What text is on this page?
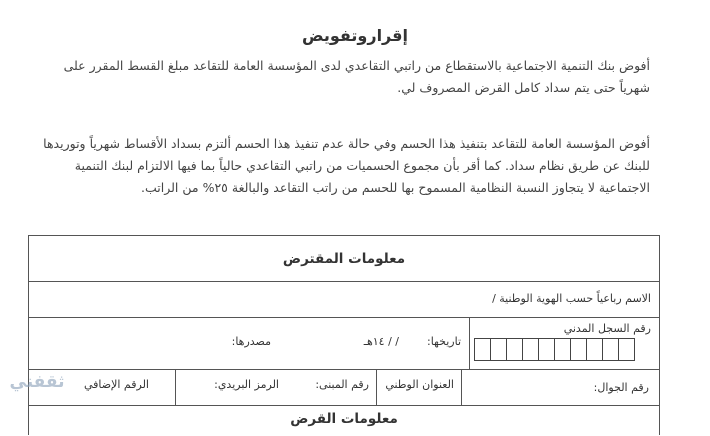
إقراروتفويض
أفوض بنك التنمية الاجتماعية بالاستقطاع من راتبي التقاعدي لدى المؤسسة العامة للتقاعد مبلغ القسط المقرر على شهرياً حتى يتم سداد كامل القرض المصروف لي.
أفوض المؤسسة العامة للتقاعد بتنفيذ هذا الحسم وفي حالة عدم تنفيذ هذا الحسم ألتزم بسداد الأقساط شهرياً وتوريدها للبنك عن طريق نظام سداد. كما أقر بأن مجموع الحسميات من راتبي التقاعدي حالياً بما فيها الالتزام لبنك التنمية الاجتماعية لا يتجاوز النسبة النظامية المسموح بها للحسم من راتب التقاعد والبالغة ٢٥% من الراتب.
معلومات المقترض
الاسم رباعياً حسب الهوية الوطنية /
رقم السجل المدني
تاريخها:
/ / ١٤هـ
مصدرها:
رقم الجوال:
العنوان الوطني
رقم المبنى:
الرمز البريدي:
الرقم الإضافي
معلومات القرض
ثقفني
